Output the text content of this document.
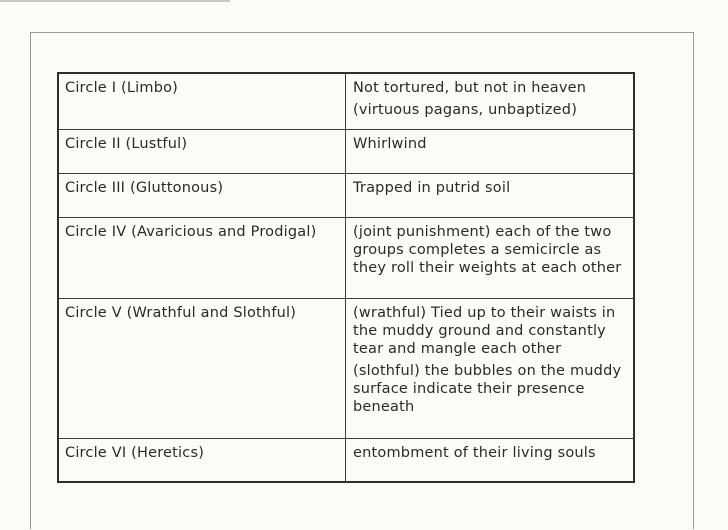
Circle I (Limbo)	Not tortured, but not in heaven
(virtuous pagans, unbaptized)
Circle II (Lustful)	Whirlwind
Circle III (Gluttonous)	Trapped in putrid soil
Circle IV (Avaricious and Prodigal)	(joint punishment) each of the two groups completes a semicircle as they roll their weights at each other
Circle V (Wrathful and Slothful)	(wrathful) Tied up to their waists in the muddy ground and constantly tear and mangle each other
(slothful) the bubbles on the muddy surface indicate their presence beneath
Circle VI (Heretics)	entombment of their living souls
